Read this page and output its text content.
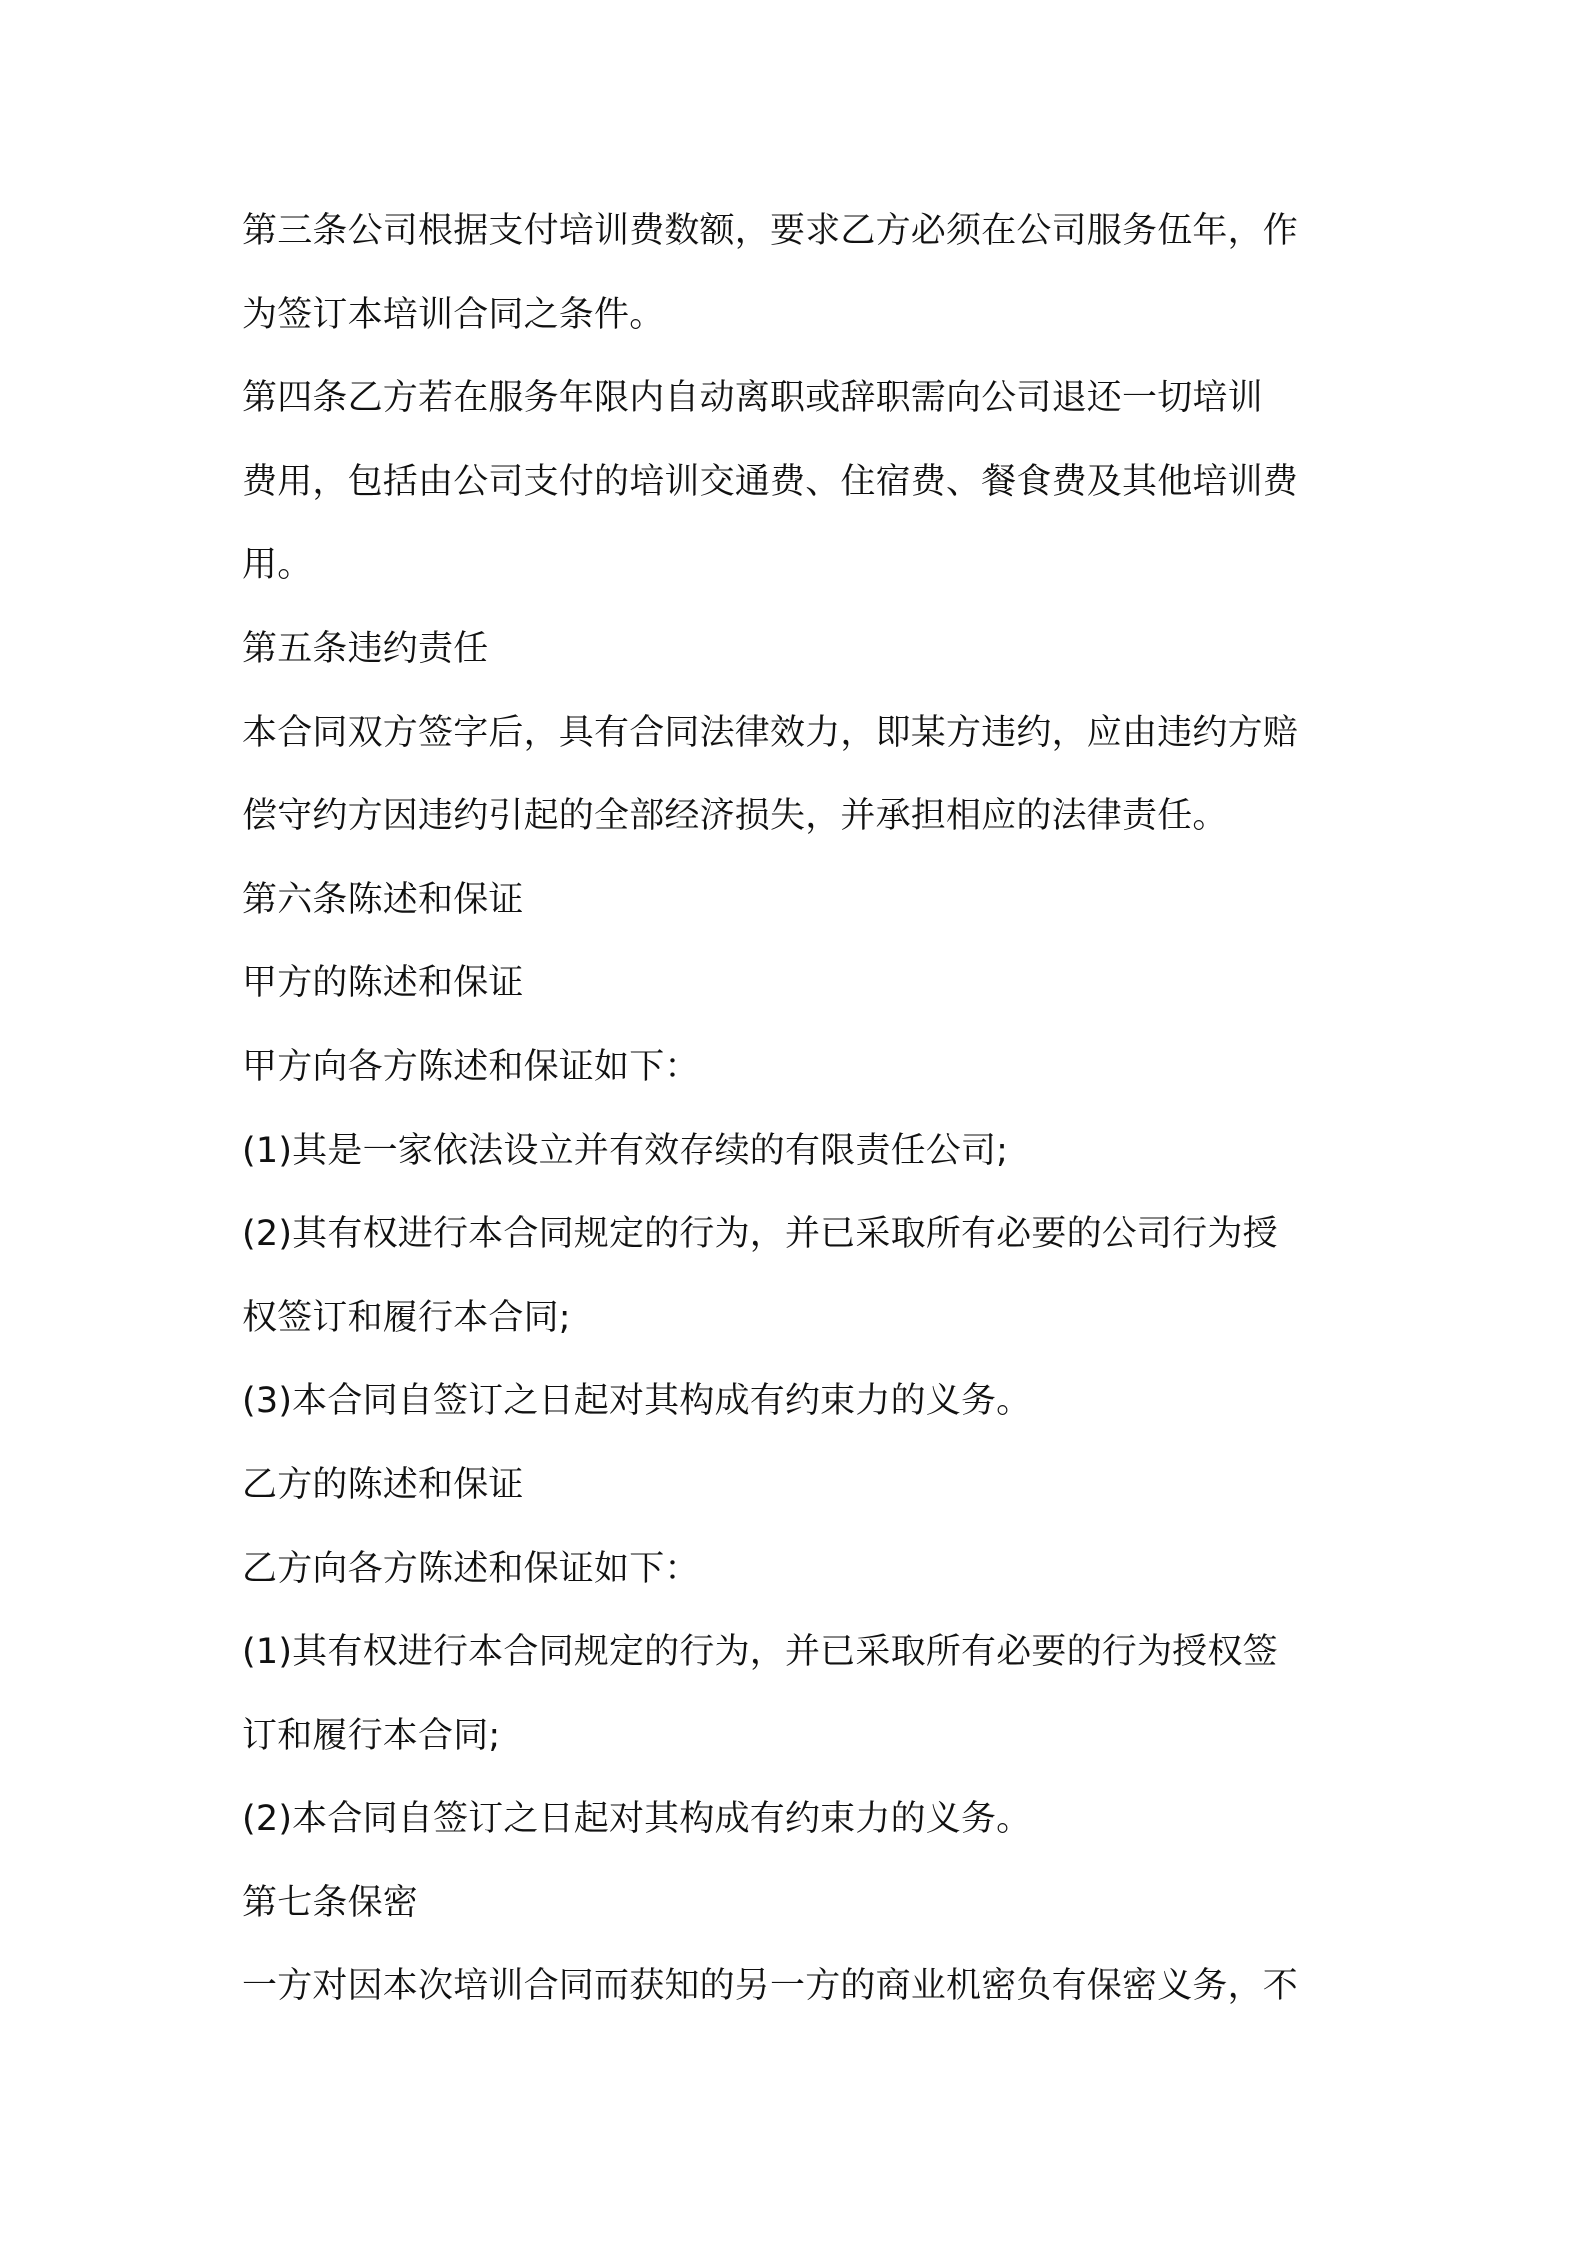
第三条公司根据支付培训费数额，要求乙方必须在公司服务伍年，作
为签订本培训合同之条件。
第四条乙方若在服务年限内自动离职或辞职需向公司退还一切培训
费用，包括由公司支付的培训交通费、住宿费、餐食费及其他培训费
用。
第五条违约责任
本合同双方签字后，具有合同法律效力，即某方违约，应由违约方赔
偿守约方因违约引起的全部经济损失，并承担相应的法律责任。
第六条陈述和保证
甲方的陈述和保证
甲方向各方陈述和保证如下：
(1)其是一家依法设立并有效存续的有限责任公司;
(2)其有权进行本合同规定的行为，并已采取所有必要的公司行为授
权签订和履行本合同;
(3)本合同自签订之日起对其构成有约束力的义务。
乙方的陈述和保证
乙方向各方陈述和保证如下：
(1)其有权进行本合同规定的行为，并已采取所有必要的行为授权签
订和履行本合同;
(2)本合同自签订之日起对其构成有约束力的义务。
第七条保密
一方对因本次培训合同而获知的另一方的商业机密负有保密义务，不
